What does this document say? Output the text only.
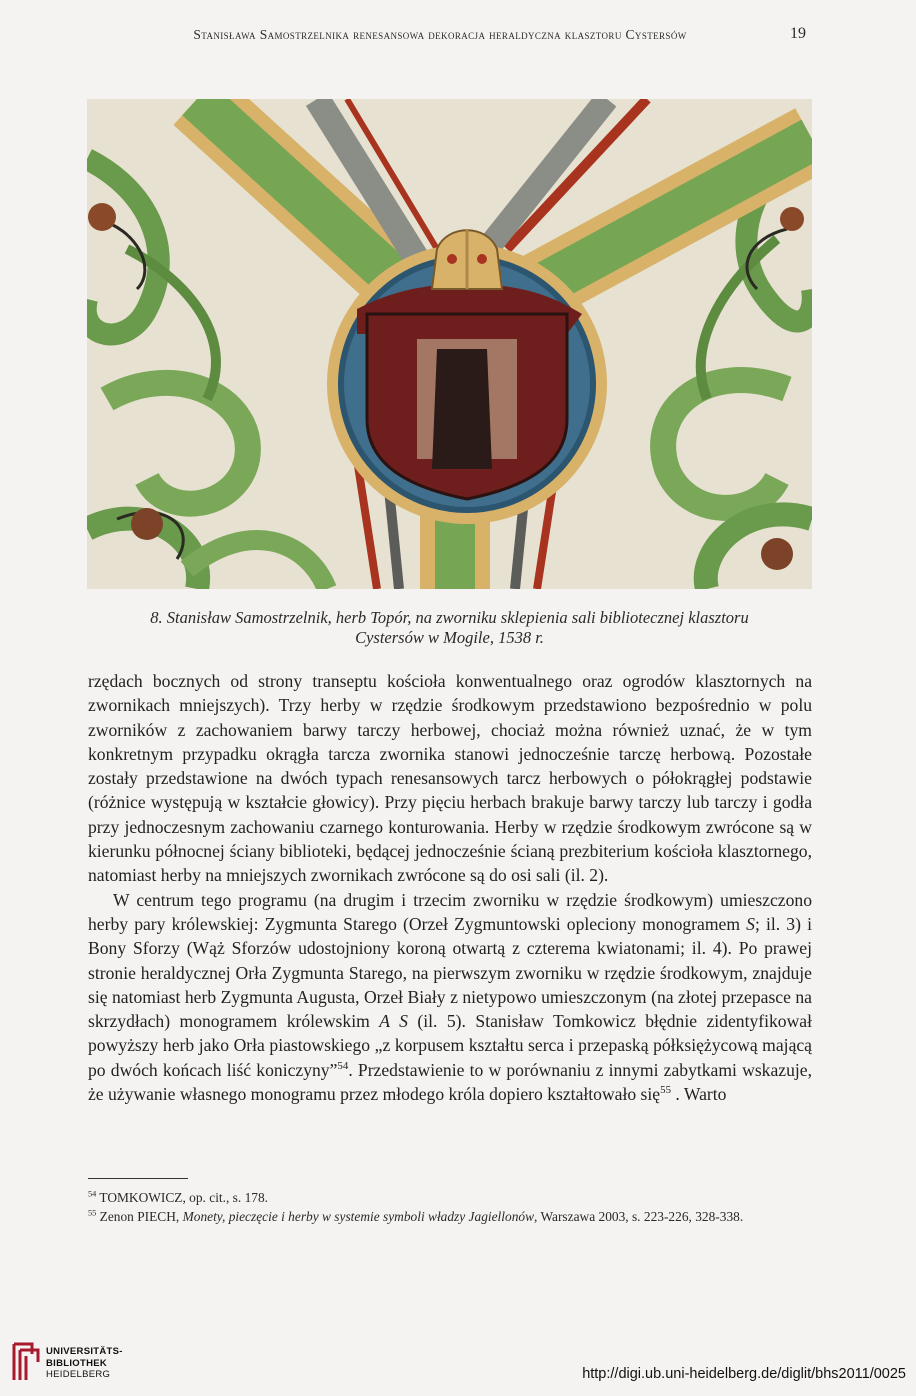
Stanisława Samostrzelnika renesansowa dekoracja heraldyczna klasztoru Cystersów	19
8. Stanisław Samostrzelnik, herb Topór, na zworniku sklepienia sali bibliotecznej klasztoru
Cystersów w Mogile, 1538 r.

rzędach bocznych od strony transeptu kościoła konwentualnego oraz ogrodów klasztornych na zwornikach mniejszych). Trzy herby w rzędzie środkowym przedstawiono bezpośrednio w polu zworników z zachowaniem barwy tarczy herbowej, chociaż można również uznać, że w tym konkretnym przypadku okrągła tarcza zwornika stanowi jednocześnie tarczę herbową. Pozostałe zostały przedstawione na dwóch typach renesansowych tarcz herbowych o półokrągłej podstawie (różnice występują w kształcie głowicy). Przy pięciu herbach brakuje barwy tarczy lub tarczy i godła przy jednoczesnym zachowaniu czarnego konturowania. Herby w rzędzie środkowym zwrócone są w kierunku północnej ściany biblioteki, będącej jednocześnie ścianą prezbiterium kościoła klasztornego, natomiast herby na mniejszych zwornikach zwrócone są do osi sali (il. 2).

W centrum tego programu (na drugim i trzecim zworniku w rzędzie środkowym) umieszczono herby pary królewskiej: Zygmunta Starego (Orzeł Zygmuntowski opleciony monogramem S; il. 3) i Bony Sforzy (Wąż Sforzów udostojniony koroną otwartą z czterema kwiatonami; il. 4). Po prawej stronie heraldycznej Orła Zygmunta Starego, na pierwszym zworniku w rzędzie środkowym, znajduje się natomiast herb Zygmunta Augusta, Orzeł Biały z nietypowo umieszczonym (na złotej przepasce na skrzydłach) monogramem królewskim A S (il. 5). Stanisław Tomkowicz błędnie zidentyfikował powyższy herb jako Orła piastowskiego „z korpusem kształtu serca i przepaską półksiężycową mającą po dwóch końcach liść koniczyny”$^{54}$. Przedstawienie to w porównaniu z innymi zabytkami wskazuje, że używanie własnego monogramu przez młodego króla dopiero kształtowało się$^{55}$ . Warto

$^{54}$ TOMKOWICZ, op. cit., s. 178.

$^{55}$ Zenon PIECH, Monety, pieczęcie i herby w systemie symboli władzy Jagiellonów, Warszawa 2003, s. 223-226, 328-338.

UNIVERSITÄTS-
BIBLIOTHEK
HEIDELBERG	http://digi.ub.uni-heidelberg.de/diglit/bhs2011/0025
